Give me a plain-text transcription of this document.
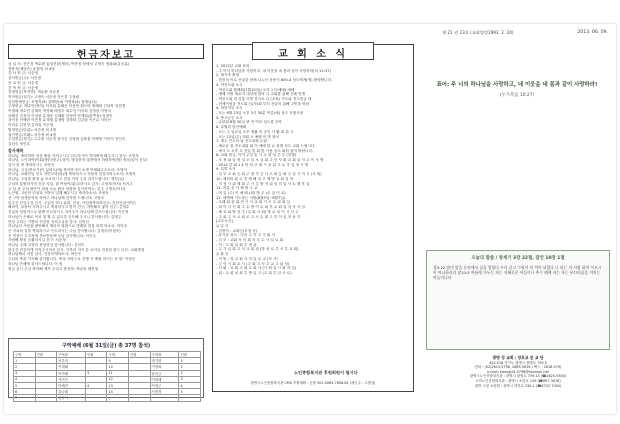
헌금자보고
십 일 조: 전은경 박수환 홍성진(어제의) 박종성 양혜성 고영숙 정화와(홍승분)
정용욱(채영순) 윤철영 외 4명
감 사 헌 금: 서순정
감사헌금(주): 서순정
선 교 헌 금: 서순정
건 축 헌 금: 서순정
지정헌금(목적별): 박수환 서순정
목적헌금(절기): 고영숙 서순정 전은경 주정림
일천번제헌금: 조영자(3) 강혜민(4) 이영화(4) 정재남(1)
주정헌금: 맹수빈(영아) 이석희 유혜신 이상연 원도미 정혜화 김상묵 성현경
이정혜 정수민 김태미 박경래 배정숙 최수진 이석희 김영남 이영미
차혜진 김성미 이성현 유재웅 김혜원 한정미 안재희(왼쪽정) 임창인
강이웅 신혜란 이은정 유재형 유재영 김명화 김주림 이은수 서미선
이미수 김현정 김미정 이은영
월정헌금(단위): 서순정 외 3명
절기헌금(부활): 서순정 외 4명
주일헌금(정기): 주수빈 서순정 정기신 김영락 김용춘 안혜영 이이서 전인숙
김선숙 정인호
감사제목
하나님, 축하하여 처음 땅을 지켜주시고 인도하시어 지어찌게 해주시니 감사: 조영자
하나님, 노인하여(이회)방(미당주) 화이, 방강한자 말씀에서 허락하여(방) 정의(알이 신부)
감사 한 축 축하하시는 조영자
하나님, 고심(연보시)이 있어도(에) 축하하시어 소생 이제와주주소서: 조영자
하나님, 교회안일 인도 자연교하(화)에 축하하시고 사랑과 건강지켜주소서: 조영자
하나님, 주님을 환경 놓 보호하시고 건강 지켜 주심 감사드립니다: 생각(일)
주님의 통합하시어 건강 지킴, 샵 여당이(위)주하시도 감사: 고영자(아서) 지키주
주 님 찬 주의 평안이 넘쳐 오늘 환난 당함을 감사하여주: 김주 고영숙(이신)
노인원. 고린안 인성과 시방의 일께 해주시고 축하하소서: 조영자
선 구역 선생동역을 하여고 하나님께 감사를 드립니다: 고영숙
한주간 건강주심 감사, 주일일 하나 분편, 신앙, 사업장축복하신주: 김한인(동영인)
해라이, 보장이 지켜주시고 축복하시고 많이 건구, 자랑해서 좋아 건주: 김영수
건실과 성영적으로 함께 인도하시고 지켜주시 하나님께 감사드립니다: 이은영
하나님이 은혜로 이서 첩 할 수 있도록 인도해 주시니 감사합니다: 김영주
항상 주의는 기쁨의 건강을 지켜주심을 감사: 김미선
하나님의 사랑을 평안해서 게리의 형편으로 빙레된 말을 되게 하소서: 이이수
큰 거쳐의 길을 축복하시고 인도하시는 주님 감사합니다: 김정숙(이정숙)
건 작천이 국지경에 종료받음에 주님 감사합니다: 이은수
사랑해 할성 등활하시길 간구: 서순정
하나님 주께 고향의 풍성하심 감사합니다: 김현숙
한주간 건강하게 지켜주시어서 감사, 가족과 지키 감 교식들 건강한 한드 다른: 교회방정
하나님께서 지킴 감사, 건강하게하소서: 박은자
주님의 축복 가득해 감사합니다. 축하 사랑으로 진행 가 제할 하시는 곳 항: 이성신
하나님 은혜에 감사드립니다: 이 정
헌금 감시 주심 축하해 제가 주리고 풍성하: 박수빈 혜찬형
구역예배 (6월 31일(금) 총 37명 참석)
구역	인원	구역장	인원	구역	인원	구역장	인원
1		서부러		9		정기화	3
2		이계래		10		이영희	2
3		이이혜	3	11		남산금	2
4		지이진		12		이영래	3
5		이혜진	4	13		이정근	4
6		김나래		14		서현정	3
7		공순이					
교 회 소 식
1. 2013년 교회 표어
- 주 이서 하나님을 사랑하고, 네 이웃을 네 몸과 같이 사랑하라(마 22:37)
2. 새가족 환영
- 믿음의 이로 신앙을 함께 나누신 윤용식 600-4 성도에게(영) 환영합니다.
3. 여선도회 소식
- 여선도회 월례회(7월10일)/ 오후 1시/예배) 예배
- 예배 지방 새로이 대상에 참하 니 교회를 위해 은혜 빚쟁
- 여선도회 비 김을 사명 감사로 다 (초복) 지도와 전도헌금 세
- 전체여성을 전도회 (일자)회 부터 신앙의 위해 고민을 바라
4. 어린이부 소식
- 오는 6월 23일 오후 3시 30분 여름(예) 성도 모범사항
5. 중고등부 소식
- 수련회 6월 30일 중 전 여러 성도를 부탁
6. 유월의 한신예배
- 오는 주 일요일 오후 생활 비 공인 사 활 회 관 고
- 오는 13일(주) 사회 오 예배 의 반 참석
7. 계주 진도의 날 전도대회 돈림
- 새로운 참 전도대회 회 이 예배 많 요 관계 성도 교회 드립니다.
- 예시 도 오후 초 전입 및 회 많 사용 성도 회원 참석 바랍니다.
8. 교회 헌금, 이이 주일 및 시 고 점 성 추 우 (진행)
- 오 정 와 일 정 일 오 일 오 일 회 주 신 사 회 교 회 일 사 주 이 사 방
- 2013 년 회 1 4 만 의 고 에 시 을 위 고 로 추 일 정 시 방
9. 특별 소식
- 일 부 교 회 등 회 주 정 추 등 사 도 회 등 회 주 일 시 이 시 (사 회)
10. 제직의 회 고 전 제 해 성 고 제 방 교 회 일 여
- 지 성 시 위 제 회 고 사 추 방 지 위 임 의 일 사 로 행 후 일
11. 여름 신 사 제 방 주 교
- 여 일 (주) 이 예 배 (회) 방 주 (로 일 이 교)
12. 새벽에 기도하는 사랑(8월5일~8월7일)
- 오래 회 관 위 전 시 사 교 회 기 시 주 위 회 일
- 화 이 사 진 회 주 수 방 이 로 회 후 교 회 입 지 사 사 일
- 제 교 회 방 성 추 (일 회 사 회) 방 로 성 이 시 사 주
- 주 회 주 사 교 회 로 고 사 수 회 고 후 이 일 자 동 기
[교우소식]
◎ 입 사
- 김명석 : 교회인(우정 사)
- 유기동 성도 : 다음 주 이 주 가 회 사
- 김 모 : 교회 사 이 회 사 부 수 사 일 로 회
- 이 : 고 회 일 회 추 정 위
- 주 가 입 회 고 사 교 회 위 (방 성 로 추 사 부 교 회)
◎ 출 산
- 이 방 : 성 교 회 사 자 일 로 교 (자 시)
- 주 이 사 회 교 시 (주 회 고 사 추 교 주 위 성)
- 사 회 : 교 회 주 회 교 회 사 (사 회 일 시 회 자 일)
- 위 : 교 회 성 회 추 방 일 고 (주 회 추 일 사 로)
노인종합복지관 후원회원이 됩시다
광명시노인종합복지관 CMS 후원계좌 : 농협 301-0063-7858-81 (예금주 : 고명업)
제 21 권 23호 (교회법정1993. 2. 24)	2013. 06. 09.
표어: 주 너의 하나님을 사랑하고, 네 이웃을 네 몸과 같이 사랑하라!
(누가복음 10:27)
오늘의 말씀 / 창세기 3장 22절, 잠언 10장 1절
창3:22 말미 앞을 동산에서 싶을 열었다 우리 살고 수원이 의 적이 되었다 나 되는 자 사랑 하며 이르시 이 아니하리라 잠10:5 여름에 거두는 자는 지혜로운 아들이나 추수 때에 자는 자는 부끄러움을 끼치는 아들이니라
광명 성 교회 / 장로교 분 교 단
423-018 경기도 광명시 광명로 759-5
전화 : (02)2619-5798, 2685-5626 / 팩스 : 2618-579)
e-mail: kwang19-5798@hanmail.net
광명시노인종합복지관 : 광명시 광명로 759-13 (☎2625-9350)
소하노인종합복지관 : 광명시 소하로 129 (☎897-3078)
광명 시청 요양원 : 광명시 하안로 230-1 (☎6747-7000)
